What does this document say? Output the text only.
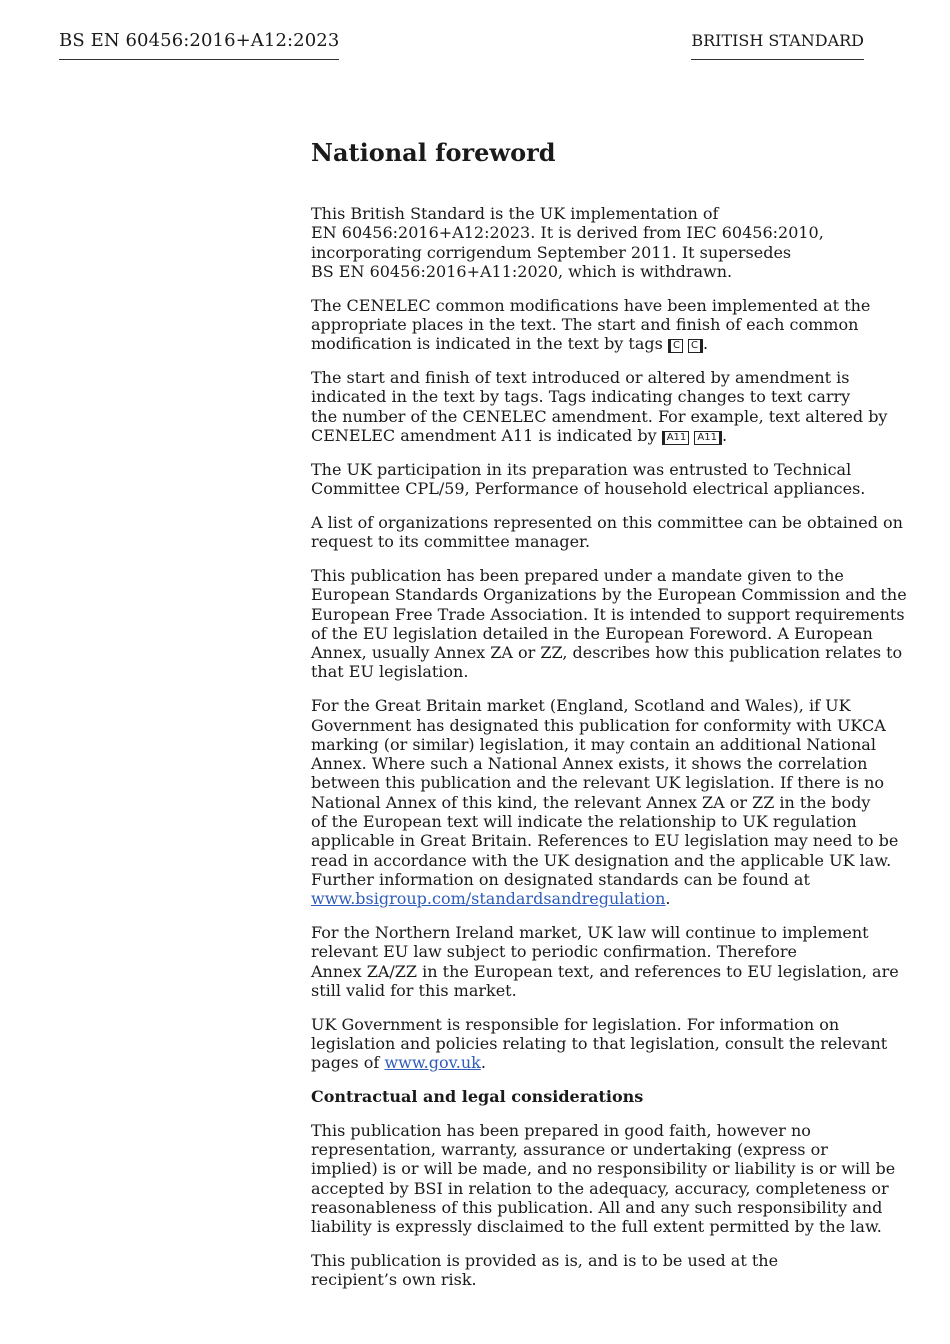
BS EN 60456:2016+A12:2023	BRITISH STANDARD
National foreword

This British Standard is the UK implementation of
EN 60456:2016+A12:2023. It is derived from IEC 60456:2010,
incorporating corrigendum September 2011. It supersedes
BS EN 60456:2016+A11:2020, which is withdrawn.

The CENELEC common modifications have been implemented at the
appropriate places in the text. The start and finish of each common
modification is indicated in the text by tags C C .

The start and finish of text introduced or altered by amendment is
indicated in the text by tags. Tags indicating changes to text carry
the number of the CENELEC amendment. For example, text altered by
CENELEC amendment A11 is indicated by A11 A11 .

The UK participation in its preparation was entrusted to Technical
Committee CPL/59, Performance of household electrical appliances.

A list of organizations represented on this committee can be obtained on
request to its committee manager.

This publication has been prepared under a mandate given to the
European Standards Organizations by the European Commission and the
European Free Trade Association. It is intended to support requirements
of the EU legislation detailed in the European Foreword. A European
Annex, usually Annex ZA or ZZ, describes how this publication relates to
that EU legislation.

For the Great Britain market (England, Scotland and Wales), if UK
Government has designated this publication for conformity with UKCA
marking (or similar) legislation, it may contain an additional National
Annex. Where such a National Annex exists, it shows the correlation
between this publication and the relevant UK legislation. If there is no
National Annex of this kind, the relevant Annex ZA or ZZ in the body
of the European text will indicate the relationship to UK regulation
applicable in Great Britain. References to EU legislation may need to be
read in accordance with the UK designation and the applicable UK law.
Further information on designated standards can be found at
www.bsigroup.com/standardsandregulation.

For the Northern Ireland market, UK law will continue to implement
relevant EU law subject to periodic confirmation. Therefore
Annex ZA/ZZ in the European text, and references to EU legislation, are
still valid for this market.

UK Government is responsible for legislation. For information on
legislation and policies relating to that legislation, consult the relevant
pages of www.gov.uk.

Contractual and legal considerations

This publication has been prepared in good faith, however no
representation, warranty, assurance or undertaking (express or
implied) is or will be made, and no responsibility or liability is or will be
accepted by BSI in relation to the adequacy, accuracy, completeness or
reasonableness of this publication. All and any such responsibility and
liability is expressly disclaimed to the full extent permitted by the law.

This publication is provided as is, and is to be used at the
recipient’s own risk.
